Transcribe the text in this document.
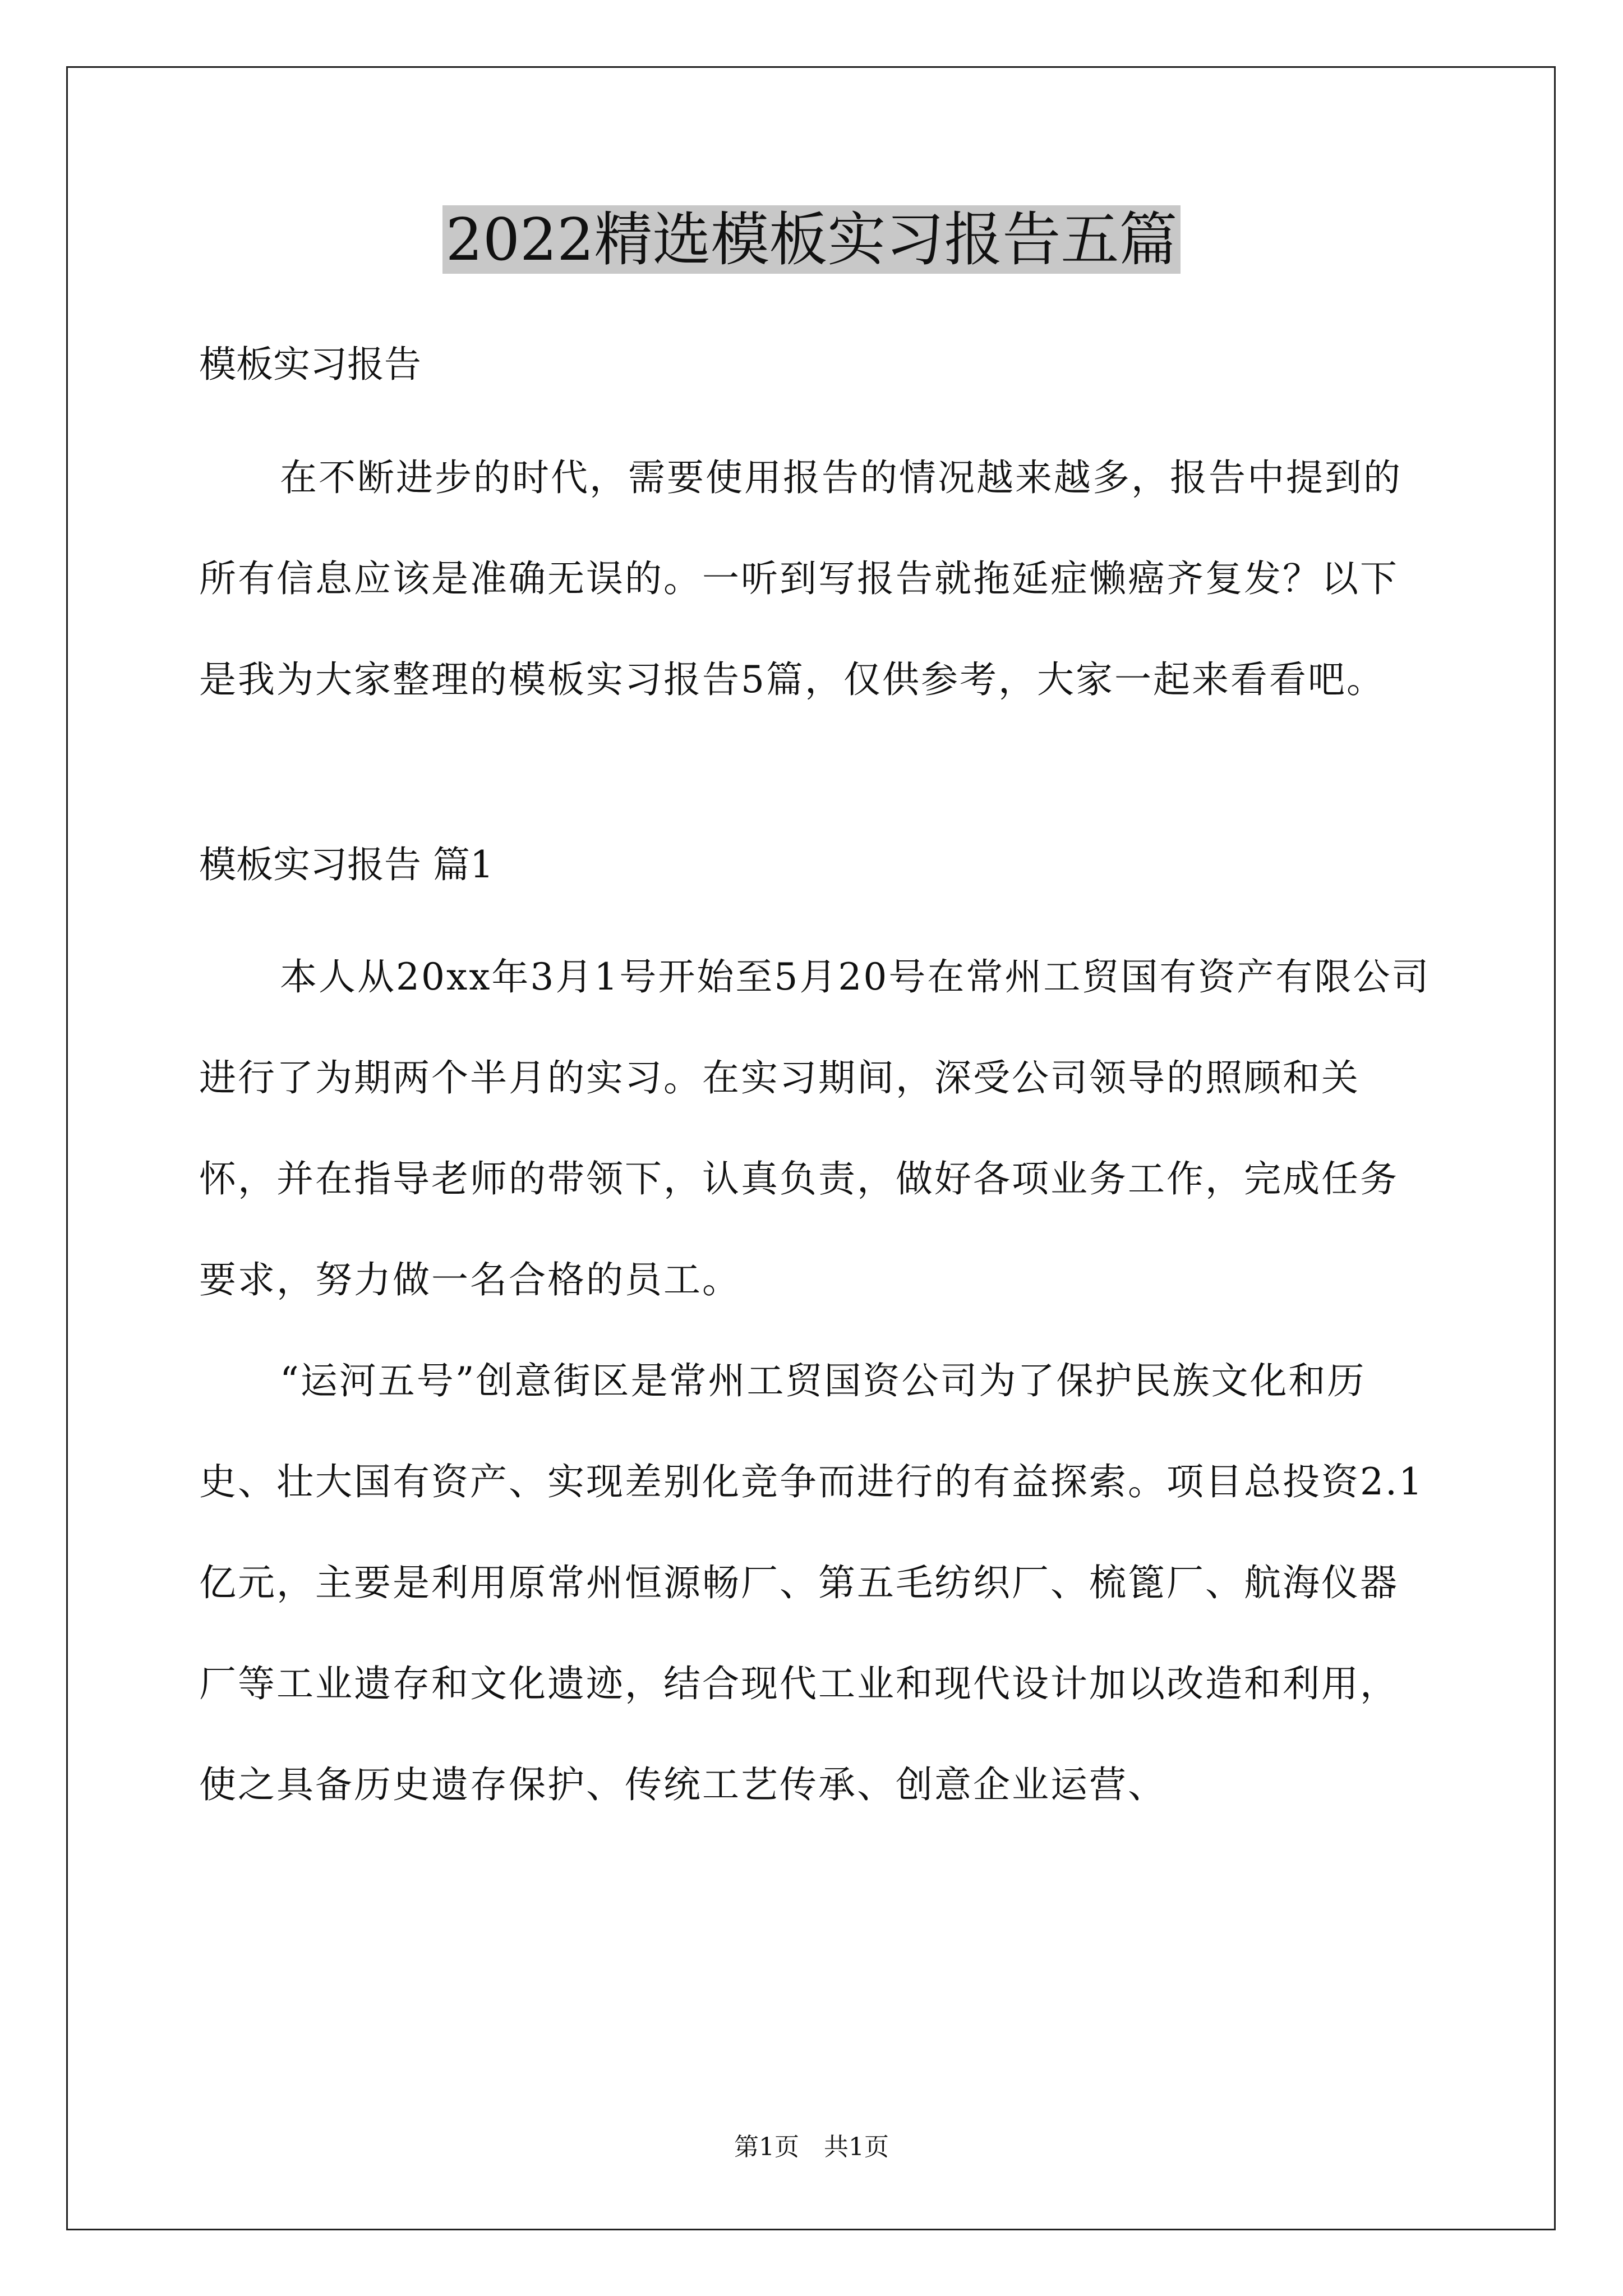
2022精选模板实习报告五篇

模板实习报告

在不断进步的时代，需要使用报告的情况越来越多，报告中提到的所有信息应该是准确无误的。一听到写报告就拖延症懒癌齐复发？以下是我为大家整理的模板实习报告5篇，仅供参考，大家一起来看看吧。

模板实习报告 篇1

本人从20xx年3月1号开始至5月20号在常州工贸国有资产有限公司进行了为期两个半月的实习。在实习期间，深受公司领导的照顾和关怀，并在指导老师的带领下，认真负责，做好各项业务工作，完成任务要求，努力做一名合格的员工。

“运河五号”创意街区是常州工贸国资公司为了保护民族文化和历史、壮大国有资产、实现差别化竞争而进行的有益探索。项目总投资2.1亿元，主要是利用原常州恒源畅厂、第五毛纺织厂、梳篦厂、航海仪器厂等工业遗存和文化遗迹，结合现代工业和现代设计加以改造和利用，使之具备历史遗存保护、传统工艺传承、创意企业运营、

第1页　共1页
